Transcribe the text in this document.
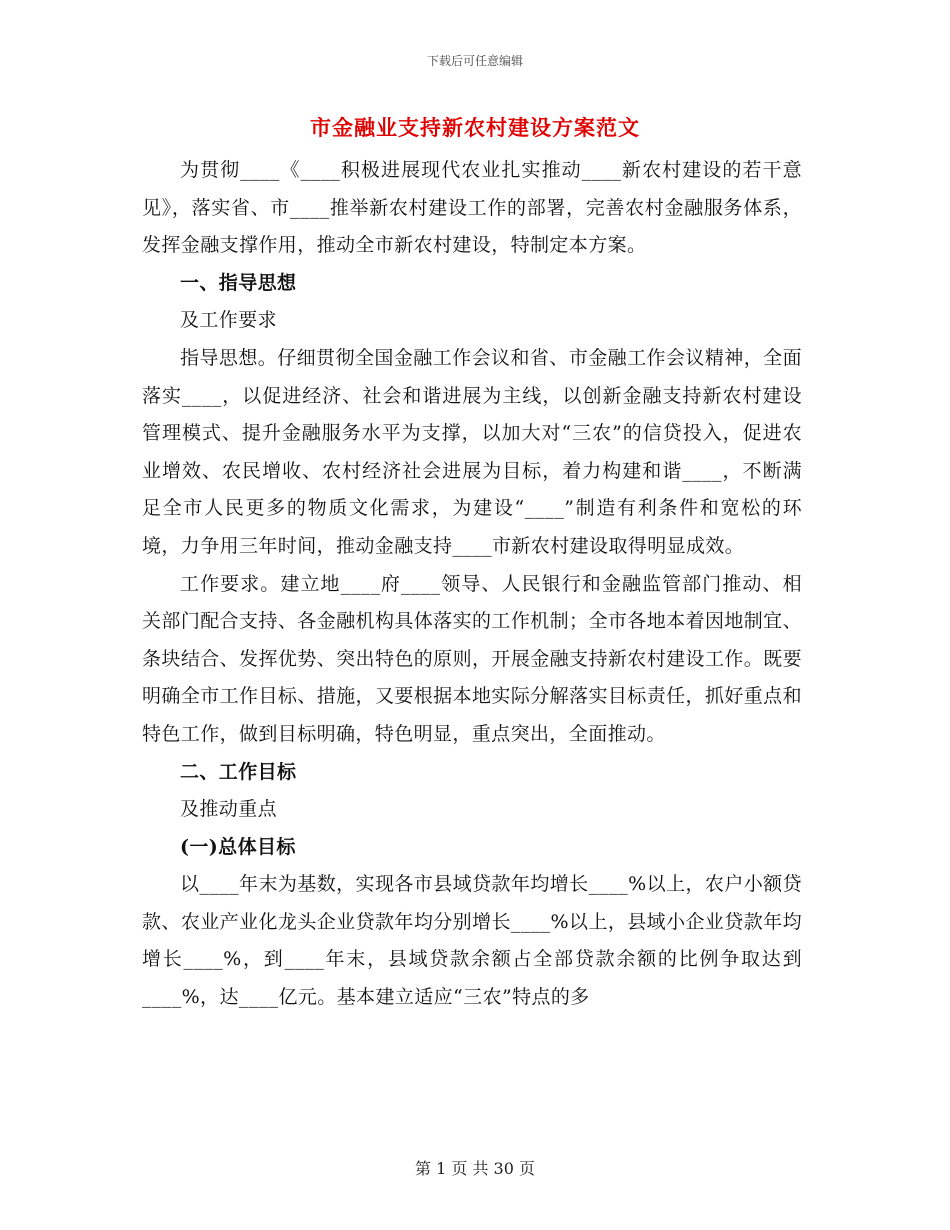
下载后可任意编辑
市金融业支持新农村建设方案范文

为贯彻____《____积极进展现代农业扎实推动____新农村建设的若干意见》，落实省、市____推举新农村建设工作的部署，完善农村金融服务体系，发挥金融支撑作用，推动全市新农村建设，特制定本方案。

一、指导思想

及工作要求

指导思想。仔细贯彻全国金融工作会议和省、市金融工作会议精神，全面落实____，以促进经济、社会和谐进展为主线，以创新金融支持新农村建设管理模式、提升金融服务水平为支撑，以加大对“三农”的信贷投入，促进农业增效、农民增收、农村经济社会进展为目标，着力构建和谐____，不断满足全市人民更多的物质文化需求，为建设“____”制造有利条件和宽松的环境，力争用三年时间，推动金融支持____市新农村建设取得明显成效。

工作要求。建立地____府____领导、人民银行和金融监管部门推动、相关部门配合支持、各金融机构具体落实的工作机制；全市各地本着因地制宜、条块结合、发挥优势、突出特色的原则，开展金融支持新农村建设工作。既要明确全市工作目标、措施，又要根据本地实际分解落实目标责任，抓好重点和特色工作，做到目标明确，特色明显，重点突出，全面推动。

二、工作目标

及推动重点

(一)总体目标

以____年末为基数，实现各市县域贷款年均增长____%以上，农户小额贷款、农业产业化龙头企业贷款年均分别增长____%以上，县域小企业贷款年均增长____%，到____年末，县域贷款余额占全部贷款余额的比例争取达到____%，达____亿元。基本建立适应“三农”特点的多

第 1 页 共 30 页
